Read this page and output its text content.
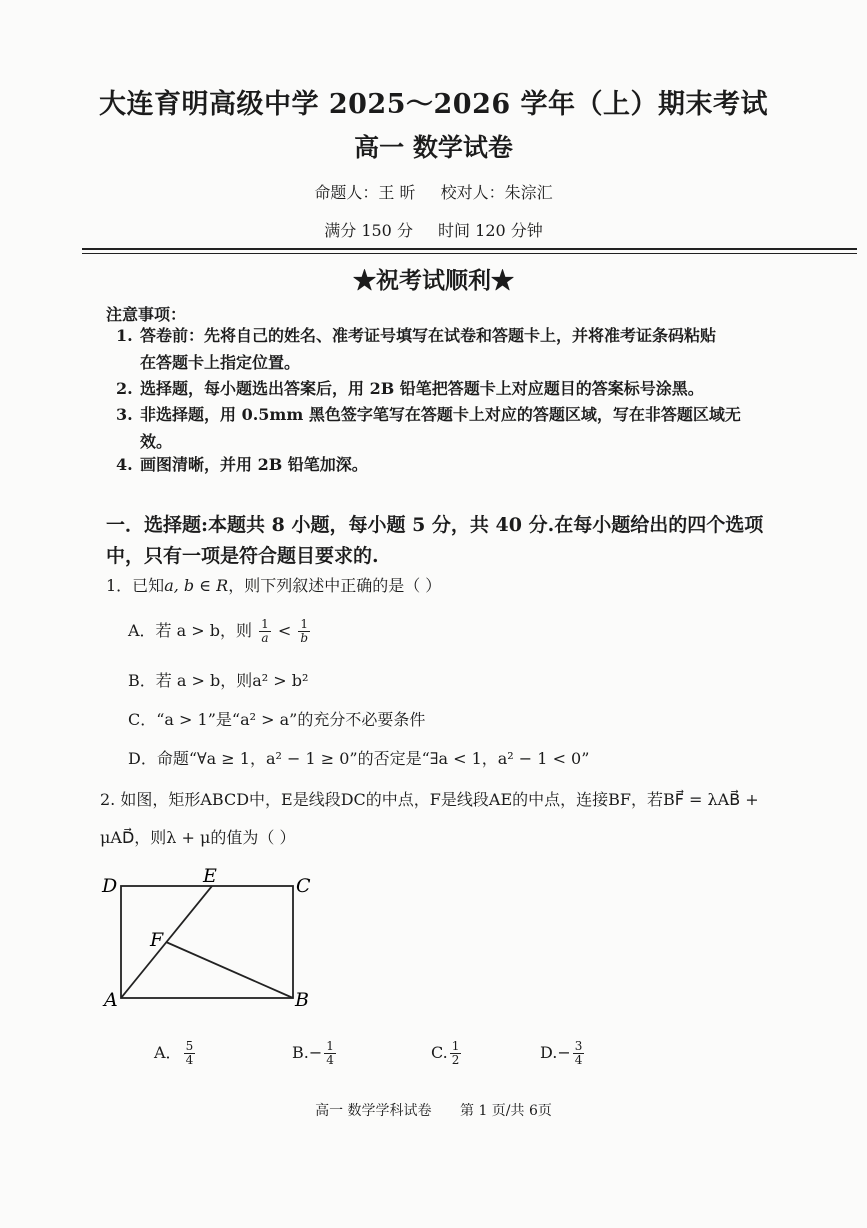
大连育明高级中学 2025～2026 学年（上）期末考试
高一 数学试卷
命题人：王 昕 校对人：朱淙汇
满分 150 分 时间 120 分钟
★祝考试顺利★
注意事项：
1. 答卷前：先将自己的姓名、准考证号填写在试卷和答题卡上，并将准考证条码粘贴
在答题卡上指定位置。
2. 选择题，每小题选出答案后，用 2B 铅笔把答题卡上对应题目的答案标号涂黑。
3. 非选择题，用 0.5mm 黑色签字笔写在答题卡上对应的答题区域，写在非答题区域无
效。
4. 画图清晰，并用 2B 铅笔加深。
一．选择题:本题共 8 小题，每小题 5 分，共 40 分.在每小题给出的四个选项
中，只有一项是符合题目要求的.
1．已知a, b ∈ R，则下列叙述中正确的是（ ）
A．若 a > b，则 $\frac{1}{a} < \frac{1}{b}$
B．若 a > b，则a² > b²
C．“a > 1”是“a² > a”的充分不必要条件
D．命题“∀a ≥ 1，a² − 1 ≥ 0”的否定是“∃a < 1，a² − 1 < 0”
2. 如图，矩形ABCD中，E是线段DC的中点，F是线段AE的中点，连接BF，若BF⃗ = λAB⃗ +
μAD⃗，则λ + μ的值为（ ）
D	E	C
F
A	B
A． $\frac{5}{4}$	$B.- \frac{1}{4}$	C. $\frac{1}{2}$	$D.- \frac{3}{4}$
高一 数学学科试卷 第 1 页/共 6页
